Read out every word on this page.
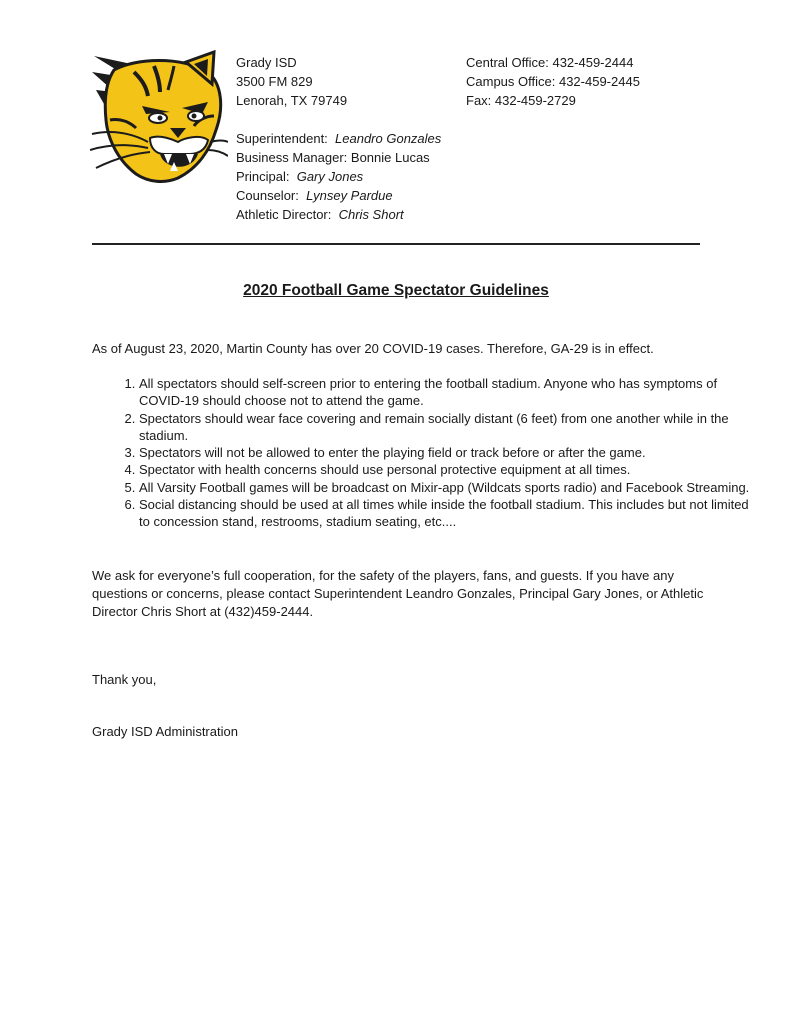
Grady ISD
3500 FM 829
Lenorah, TX 79749
Central Office: 432-459-2444
Campus Office: 432-459-2445
Fax: 432-459-2729
Superintendent: Leandro Gonzales
Business Manager: Bonnie Lucas
Principal: Gary Jones
Counselor: Lynsey Pardue
Athletic Director: Chris Short
2020 Football Game Spectator Guidelines
As of August 23, 2020, Martin County has over 20 COVID-19 cases. Therefore, GA-29 is in effect.
1. All spectators should self-screen prior to entering the football stadium. Anyone who has symptoms of COVID-19 should choose not to attend the game.
2. Spectators should wear face covering and remain socially distant (6 feet) from one another while in the stadium.
3. Spectators will not be allowed to enter the playing field or track before or after the game.
4. Spectator with health concerns should use personal protective equipment at all times.
5. All Varsity Football games will be broadcast on Mixir-app (Wildcats sports radio) and Facebook Streaming.
6. Social distancing should be used at all times while inside the football stadium. This includes but not limited to concession stand, restrooms, stadium seating, etc....
We ask for everyone’s full cooperation, for the safety of the players, fans, and guests. If you have any questions or concerns, please contact Superintendent Leandro Gonzales, Principal Gary Jones, or Athletic Director Chris Short at (432)459-2444.
Thank you,
Grady ISD Administration
